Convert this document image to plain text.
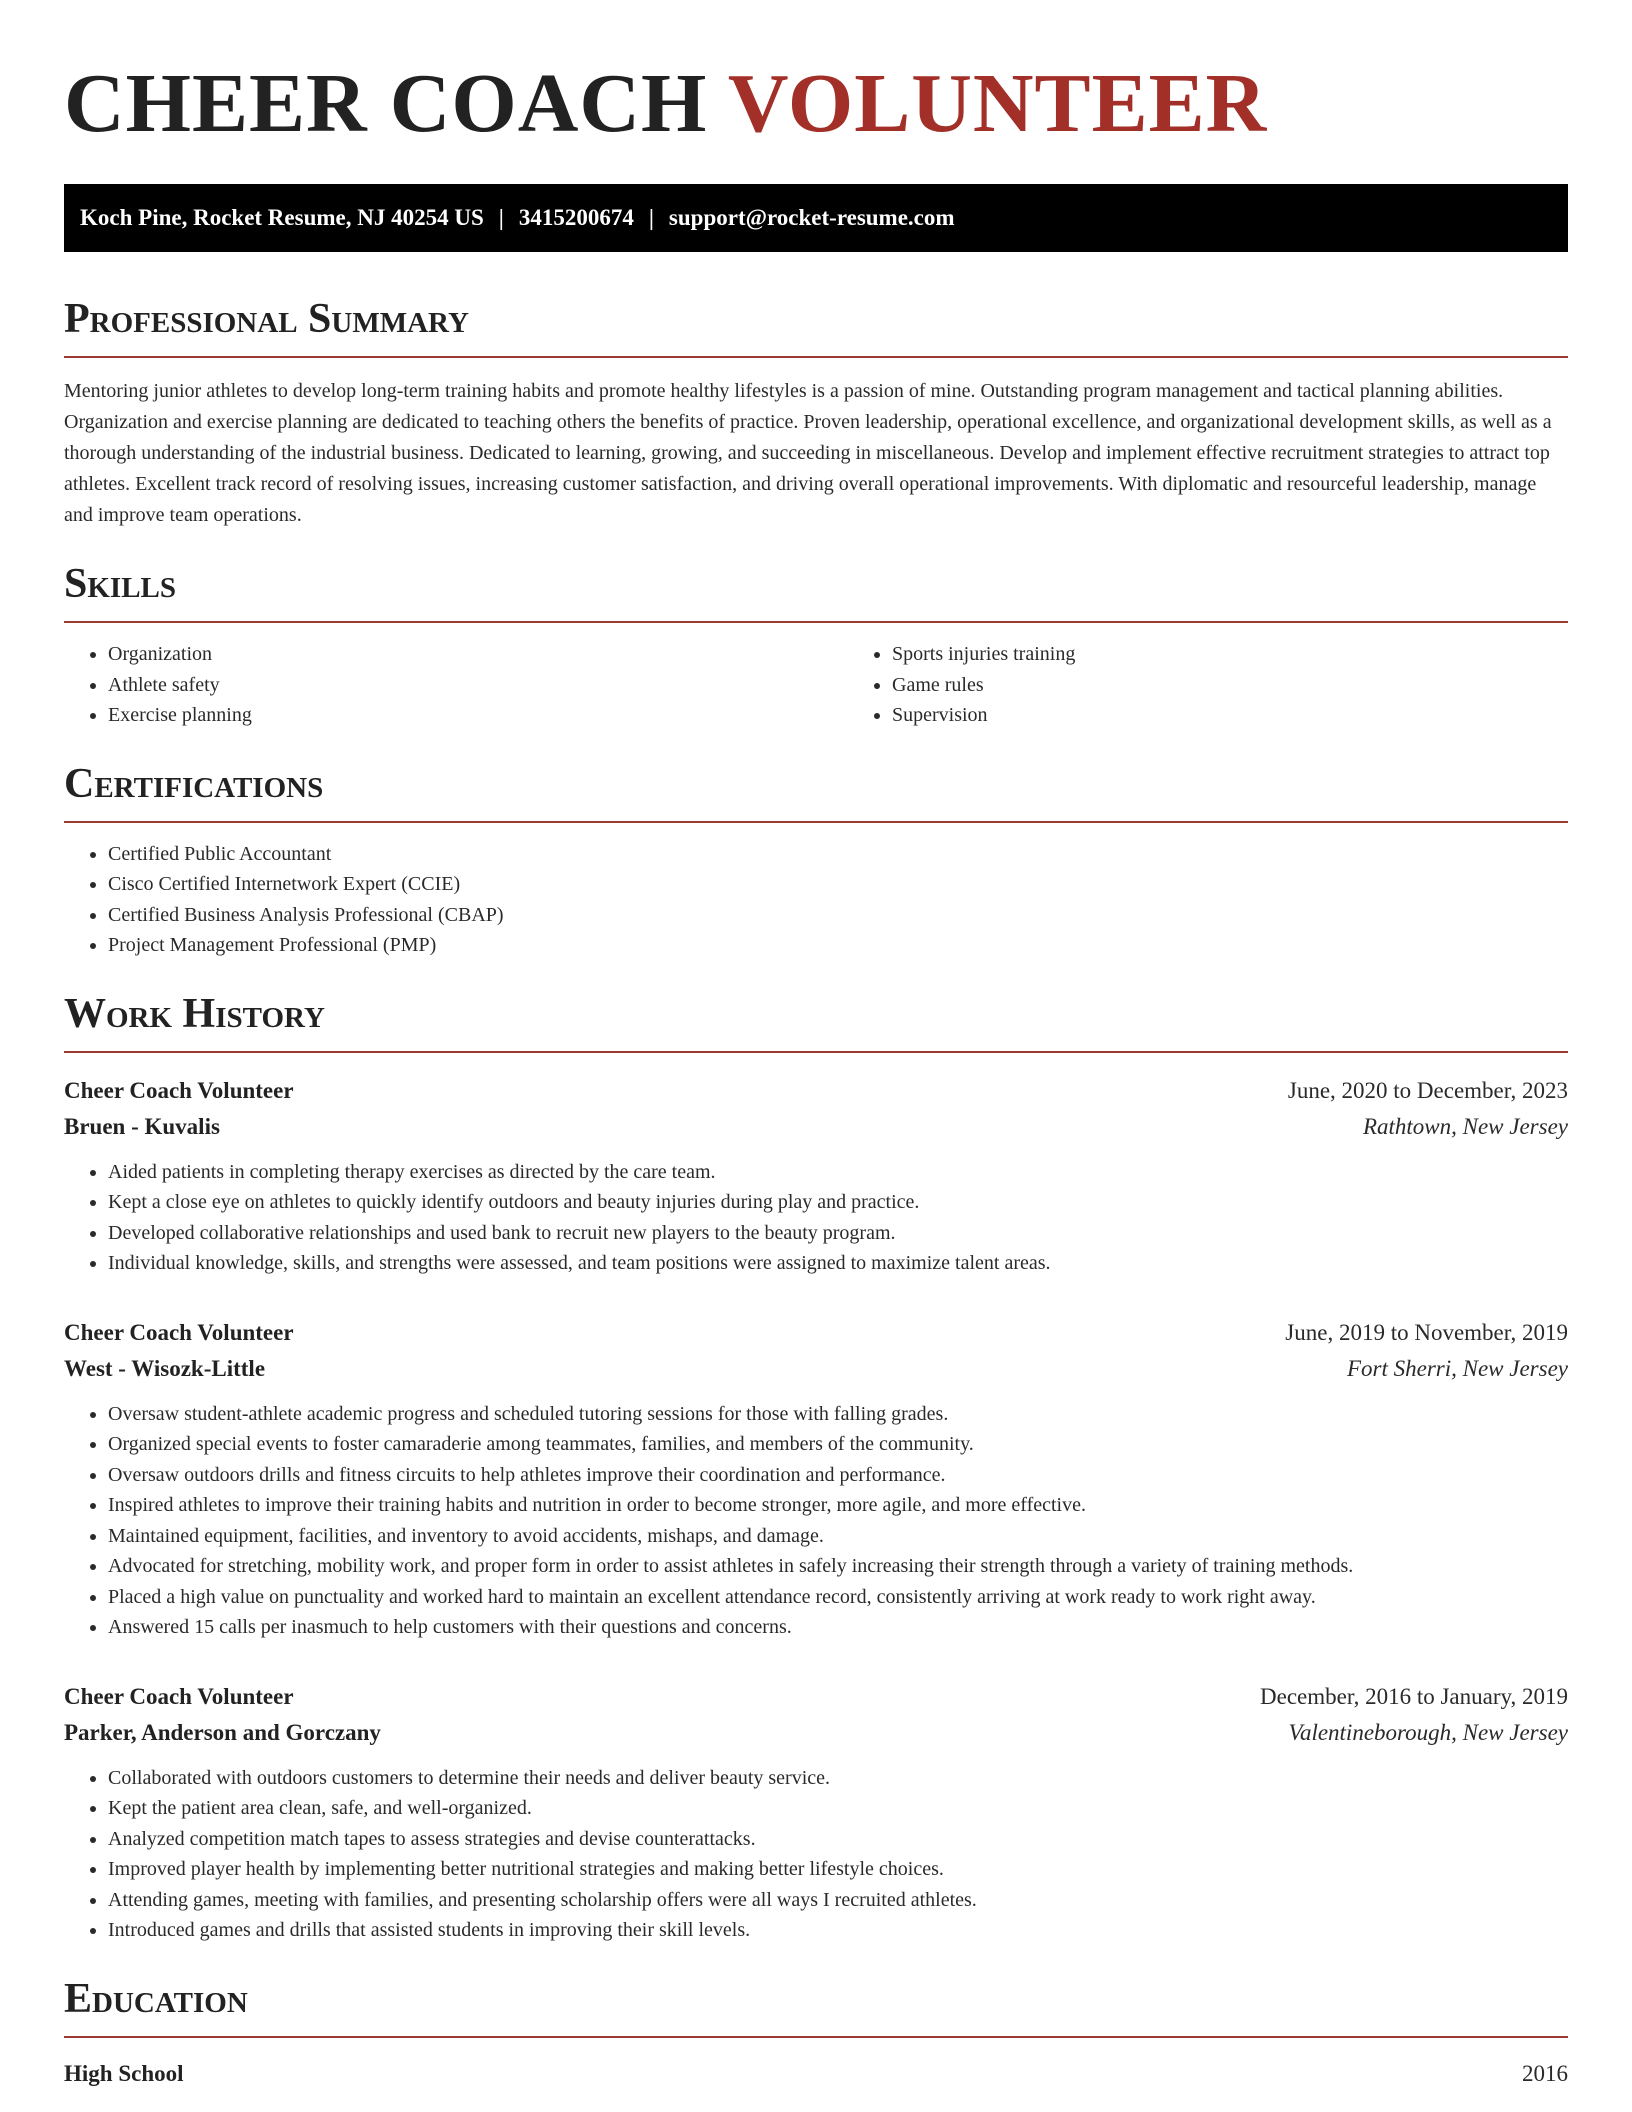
CHEER COACH VOLUNTEER
Koch Pine, Rocket Resume, NJ 40254 US | 3415200674 | support@rocket-resume.com
Professional Summary

Mentoring junior athletes to develop long-term training habits and promote healthy lifestyles is a passion of mine. Outstanding program management and tactical planning abilities. Organization and exercise planning are dedicated to teaching others the benefits of practice. Proven leadership, operational excellence, and organizational development skills, as well as a thorough understanding of the industrial business. Dedicated to learning, growing, and succeeding in miscellaneous. Develop and implement effective recruitment strategies to attract top athletes. Excellent track record of resolving issues, increasing customer satisfaction, and driving overall operational improvements. With diplomatic and resourceful leadership, manage and improve team operations.

Skills
• Organization
• Athlete safety
• Exercise planning
• Sports injuries training
• Game rules
• Supervision
Certifications
• Certified Public Accountant
• Cisco Certified Internetwork Expert (CCIE)
• Certified Business Analysis Professional (CBAP)
• Project Management Professional (PMP)
Work History
Cheer Coach Volunteer	June, 2020 to December, 2023
Bruen - Kuvalis	Rathtown, New Jersey
• Aided patients in completing therapy exercises as directed by the care team.
• Kept a close eye on athletes to quickly identify outdoors and beauty injuries during play and practice.
• Developed collaborative relationships and used bank to recruit new players to the beauty program.
• Individual knowledge, skills, and strengths were assessed, and team positions were assigned to maximize talent areas.
Cheer Coach Volunteer	June, 2019 to November, 2019
West - Wisozk-Little	Fort Sherri, New Jersey
• Oversaw student-athlete academic progress and scheduled tutoring sessions for those with falling grades.
• Organized special events to foster camaraderie among teammates, families, and members of the community.
• Oversaw outdoors drills and fitness circuits to help athletes improve their coordination and performance.
• Inspired athletes to improve their training habits and nutrition in order to become stronger, more agile, and more effective.
• Maintained equipment, facilities, and inventory to avoid accidents, mishaps, and damage.
• Advocated for stretching, mobility work, and proper form in order to assist athletes in safely increasing their strength through a variety of training methods.
• Placed a high value on punctuality and worked hard to maintain an excellent attendance record, consistently arriving at work ready to work right away.
• Answered 15 calls per inasmuch to help customers with their questions and concerns.
Cheer Coach Volunteer	December, 2016 to January, 2019
Parker, Anderson and Gorczany	Valentineborough, New Jersey
• Collaborated with outdoors customers to determine their needs and deliver beauty service.
• Kept the patient area clean, safe, and well-organized.
• Analyzed competition match tapes to assess strategies and devise counterattacks.
• Improved player health by implementing better nutritional strategies and making better lifestyle choices.
• Attending games, meeting with families, and presenting scholarship offers were all ways I recruited athletes.
• Introduced games and drills that assisted students in improving their skill levels.
Education
High School	2016
